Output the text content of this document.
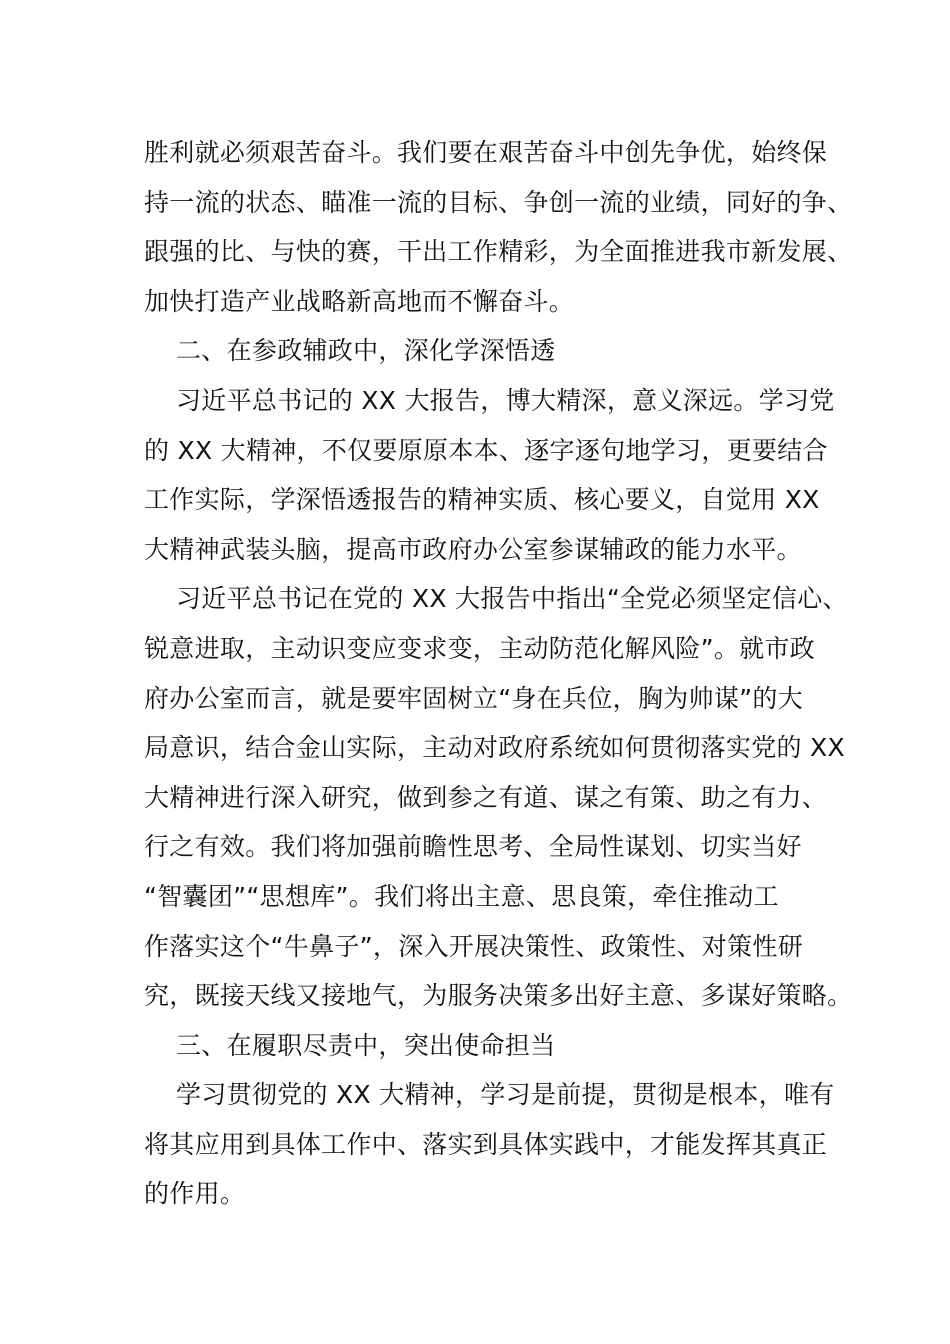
胜利就必须艰苦奋斗。我们要在艰苦奋斗中创先争优，始终保
持一流的状态、瞄准一流的目标、争创一流的业绩，同好的争、
跟强的比、与快的赛，干出工作精彩，为全面推进我市新发展、
加快打造产业战略新高地而不懈奋斗。
二、在参政辅政中，深化学深悟透
习近平总书记的 XX 大报告，博大精深，意义深远。学习党
的 XX 大精神，不仅要原原本本、逐字逐句地学习，更要结合
工作实际，学深悟透报告的精神实质、核心要义，自觉用 XX
大精神武装头脑，提高市政府办公室参谋辅政的能力水平。
习近平总书记在党的 XX 大报告中指出“全党必须坚定信心、
锐意进取，主动识变应变求变，主动防范化解风险”。就市政
府办公室而言，就是要牢固树立“身在兵位，胸为帅谋”的大
局意识，结合金山实际，主动对政府系统如何贯彻落实党的 XX
大精神进行深入研究，做到参之有道、谋之有策、助之有力、
行之有效。我们将加强前瞻性思考、全局性谋划、切实当好
“智囊团”“思想库”。我们将出主意、思良策，牵住推动工
作落实这个“牛鼻子”，深入开展决策性、政策性、对策性研
究，既接天线又接地气，为服务决策多出好主意、多谋好策略。
三、在履职尽责中，突出使命担当
学习贯彻党的 XX 大精神，学习是前提，贯彻是根本，唯有
将其应用到具体工作中、落实到具体实践中，才能发挥其真正
的作用。
